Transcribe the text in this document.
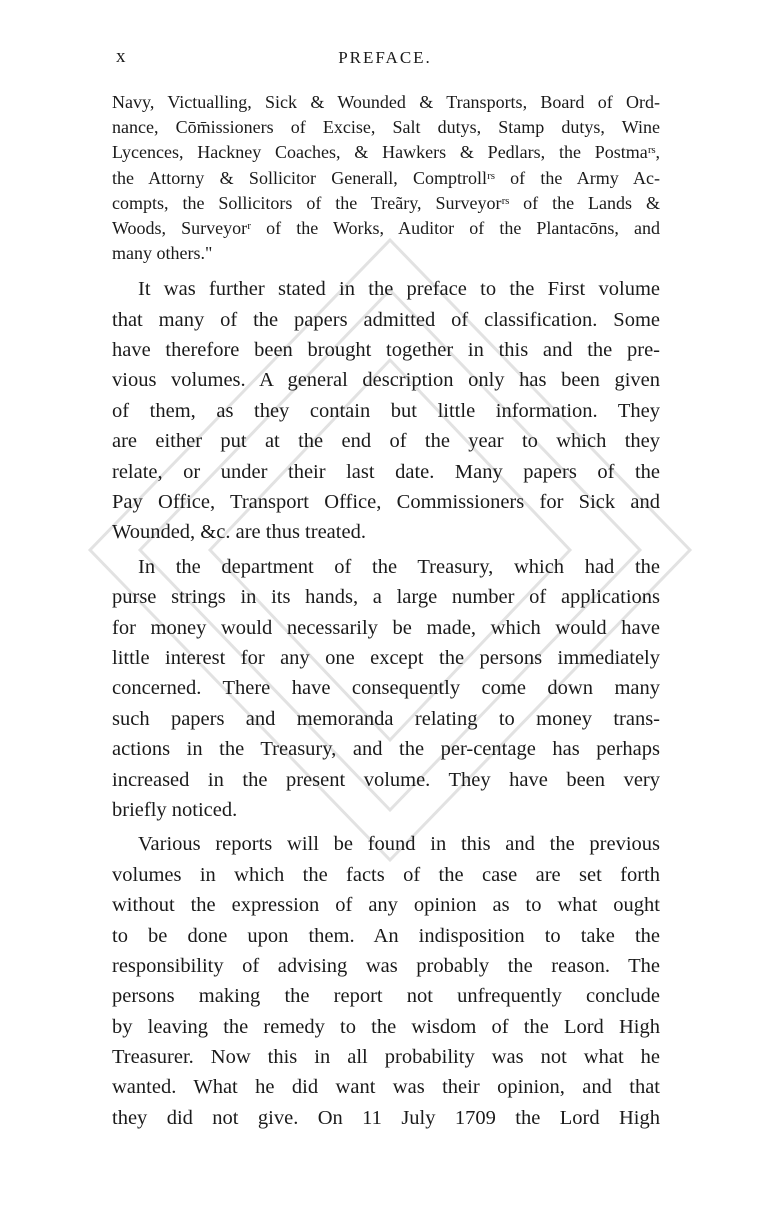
x	PREFACE.
Navy, Victualling, Sick & Wounded & Transports, Board of Ord-
nance, Cōm̄issioners of Excise, Salt dutys, Stamp dutys, Wine
Lycences, Hackney Coaches, & Hawkers & Pedlars, the Postmaʳˢ,
the Attorny & Sollicitor Generall, Comptrollʳˢ of the Army Ac-
compts, the Sollicitors of the Treãry, Surveyorʳˢ of the Lands &
Woods, Surveyorʳ of the Works, Auditor of the Plantacōns, and
many others."
It was further stated in the preface to the First volume
that many of the papers admitted of classification. Some
have therefore been brought together in this and the pre-
vious volumes. A general description only has been given
of them, as they contain but little information. They
are either put at the end of the year to which they
relate, or under their last date. Many papers of the
Pay Office, Transport Office, Commissioners for Sick and
Wounded, &c. are thus treated.
In the department of the Treasury, which had the
purse strings in its hands, a large number of applications
for money would necessarily be made, which would have
little interest for any one except the persons immediately
concerned. There have consequently come down many
such papers and memoranda relating to money trans-
actions in the Treasury, and the per-centage has perhaps
increased in the present volume. They have been very
briefly noticed.
Various reports will be found in this and the previous
volumes in which the facts of the case are set forth
without the expression of any opinion as to what ought
to be done upon them. An indisposition to take the
responsibility of advising was probably the reason. The
persons making the report not unfrequently conclude
by leaving the remedy to the wisdom of the Lord High
Treasurer. Now this in all probability was not what he
wanted. What he did want was their opinion, and that
they did not give. On 11 July 1709 the Lord High
